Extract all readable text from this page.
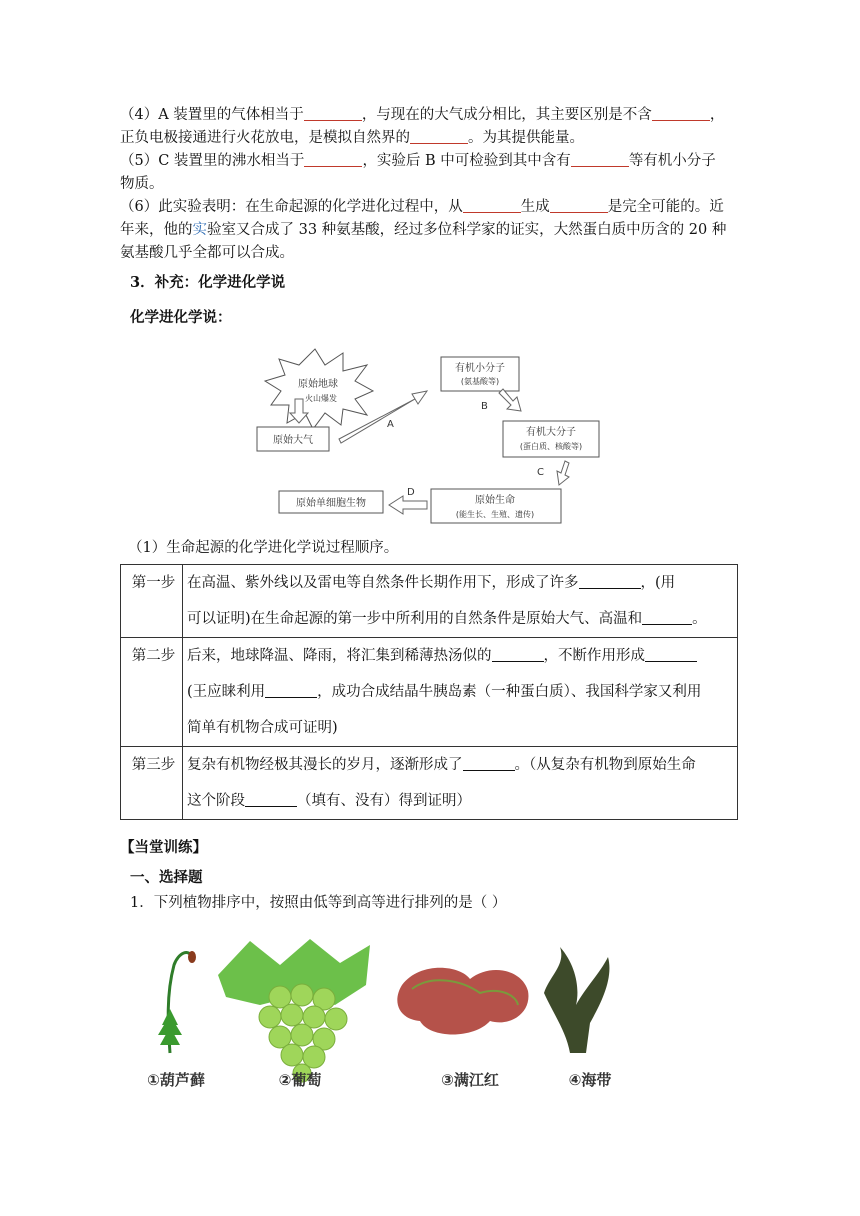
（4）A 装置里的气体相当于	，与现在的大气成分相比，其主要区别是不含	，
正负电极接通进行火花放电，是模拟自然界的	。为其提供能量。
（5）C 装置里的沸水相当于	，实验后 B 中可检验到其中含有	等有机小分子
物质。
（6）此实验表明：在生命起源的化学进化过程中，从	生成	是完全可能的。近
年来，他的实验室又合成了 33 种氨基酸，经过多位科学家的证实，大然蛋白质中历含的 20 种
氨基酸几乎全都可以合成。
3．补充：化学进化学说
化学进化学说：
原始地球
火山爆发
原始大气
A
有机小分子
(氨基酸等)
B
有机大分子
(蛋白质、核酸等)
C
原始生命
(能生长、生殖、遗传)
D
原始单细胞生物
（1）生命起源的化学进化学说过程顺序。
第一步	在高温、紫外线以及雷电等自然条件长期作用下，形成了许多 ，(用
可以证明)在生命起源的第一步中所利用的自然条件是原始大气、高温和 。

第二步	后来，地球降温、降雨，将汇集到稀薄热汤似的 ，不断作用形成
(王应睐利用 ，成功合成结晶牛胰岛素（一种蛋白质）、我国科学家又利用
简单有机物合成可证明)

第三步	复杂有机物经极其漫长的岁月，逐渐形成了 。（从复杂有机物到原始生命
这个阶段 （填有、没有）得到证明）
【当堂训练】
一、选择题
1．下列植物排序中，按照由低等到高等进行排列的是（ ）
①葫芦藓	②葡萄	③满江红	④海带
